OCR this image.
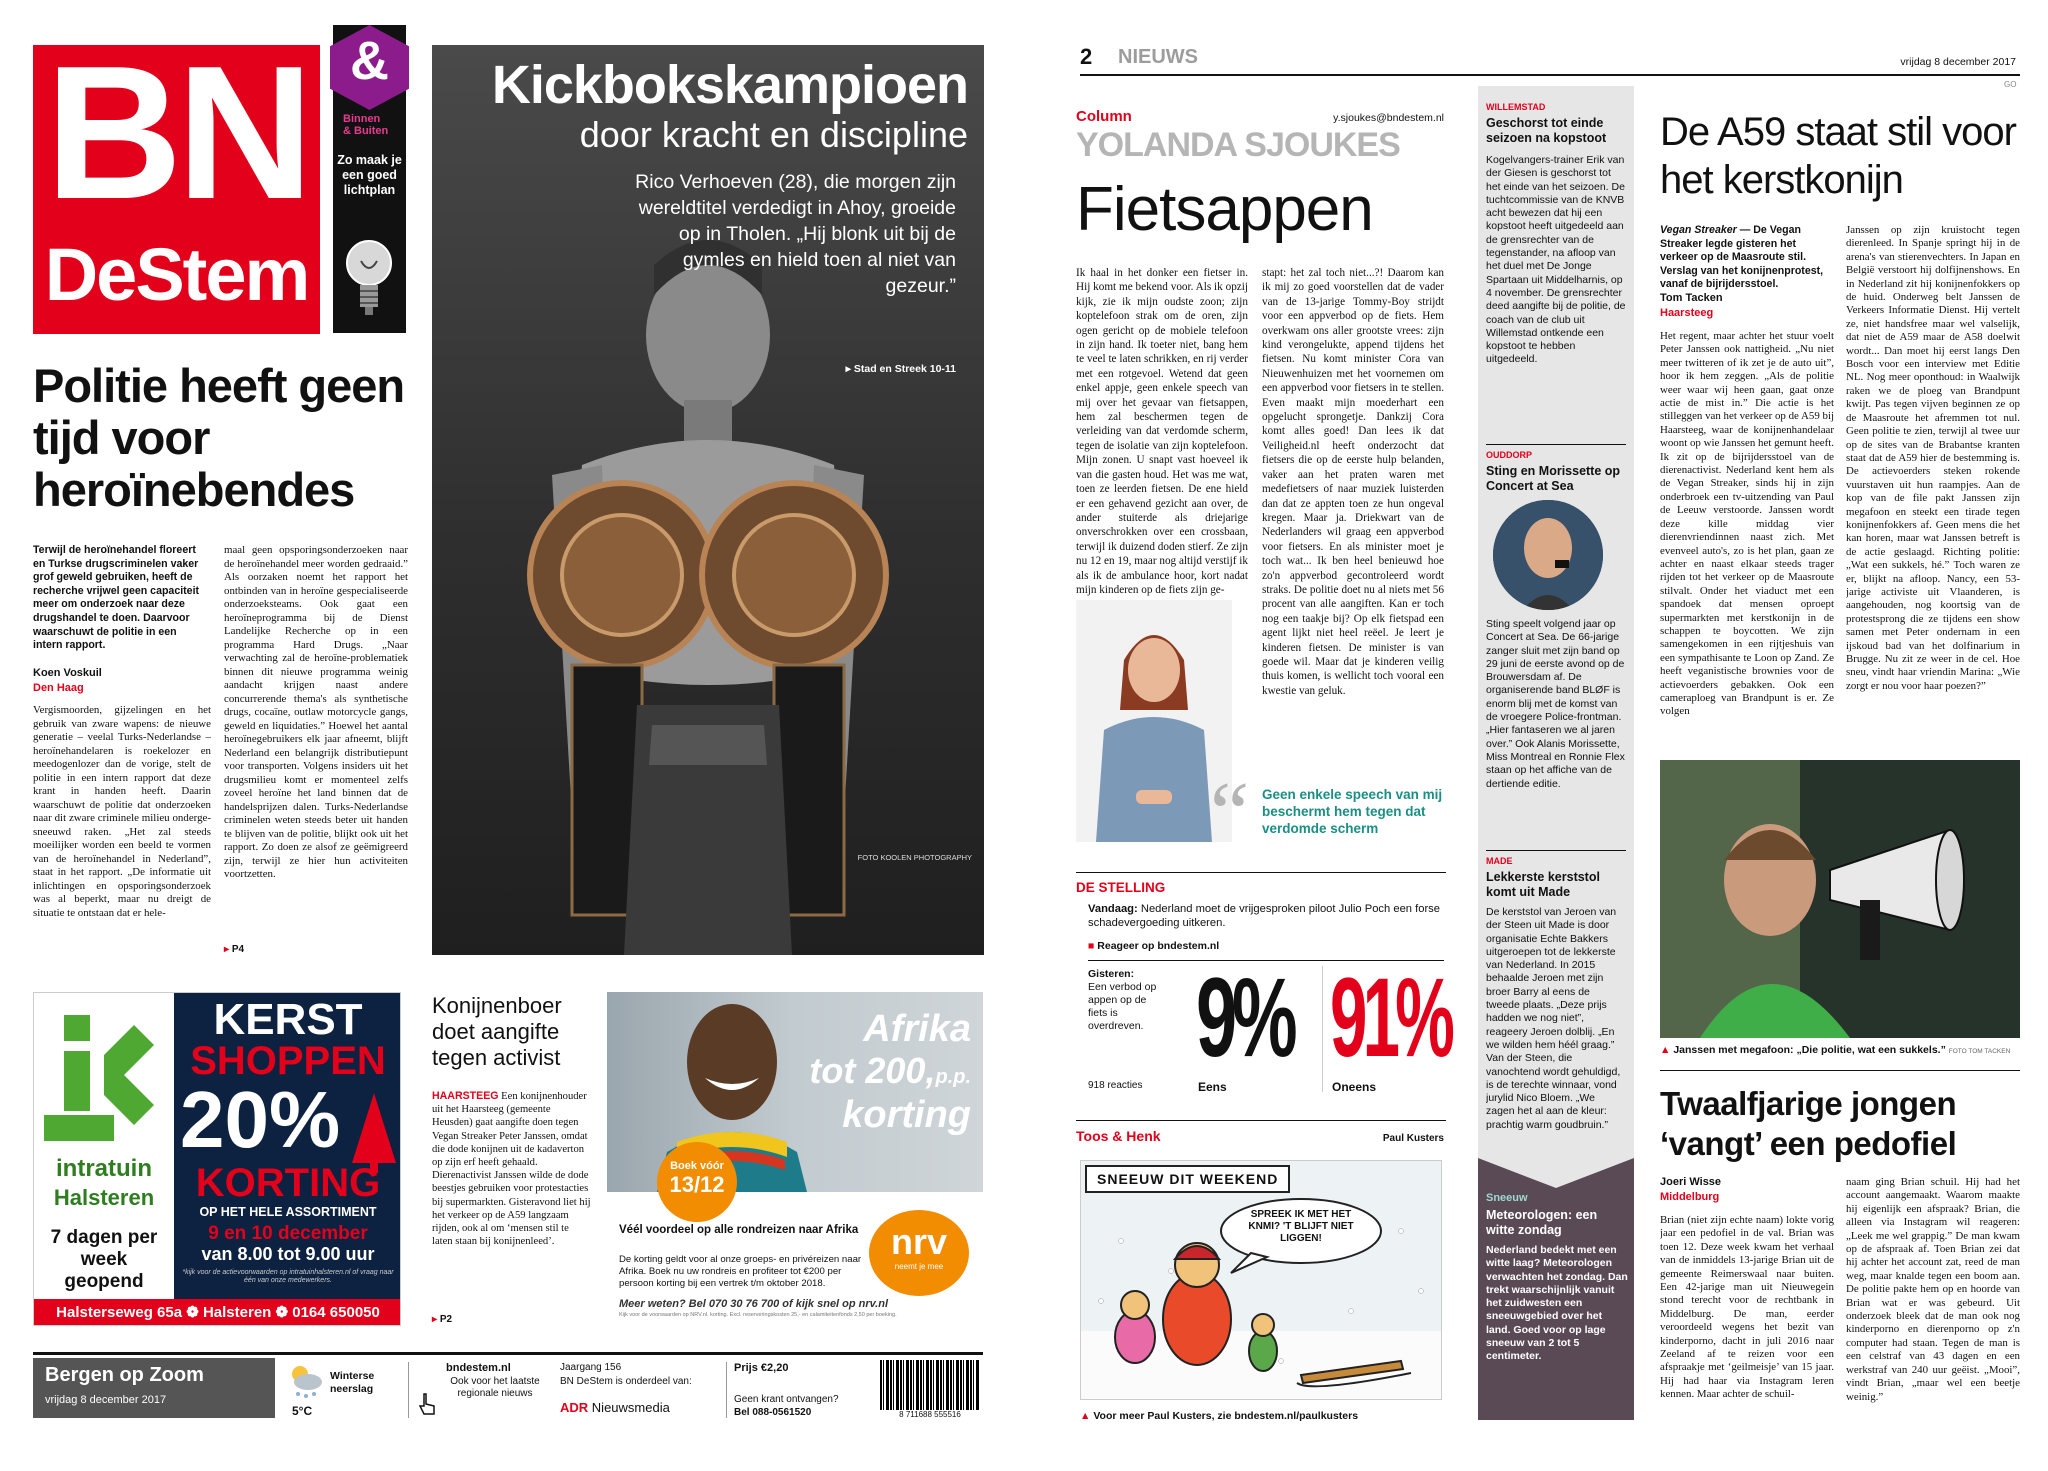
BN
DeStem
&
Binnen
& Buiten
Zo maak je een goed lichtplan
Kickbokskampioen
door kracht en discipline
Rico Verhoeven (28), die morgen zijn wereldtitel verdedigt in Ahoy, groeide op in Tholen. „Hij blonk uit bij de gymles en hield toen al niet van gezeur.”
▸ Stad en Streek 10-11
FOTO KOOLEN PHOTOGRAPHY
Politie heeft geen tijd voor heroïnebendes
Terwijl de heroïnehandel floreert en Turkse drugscriminelen vaker grof geweld gebruiken, heeft de recherche vrijwel geen capaciteit meer om onderzoek naar deze drugshandel te doen. Daarvoor waarschuwt de politie in een intern rapport.
Koen Voskuil
Den Haag
Vergismoorden, gijzelingen en het gebruik van zware wapens: de nieuwe generatie – veelal Turks-Nederlandse – heroïnehandelaren is roekelozer en meedogenlozer dan de vorige, stelt de politie in een intern rapport dat deze krant in handen heeft. Daarin waarschuwt de politie dat onderzoeken naar dit zware criminele milieu onderge-sneeuwd raken. „Het zal steeds moeilijker worden een beeld te vormen van de heroïnehandel in Nederland”, staat in het rapport. „De informatie uit inlichtingen en opsporingsonderzoek was al beperkt, maar nu dreigt de situatie te ontstaan dat er hele-
maal geen opsporingsonderzoeken naar de heroïnehandel meer worden gedraaid.” Als oorzaken noemt het rapport het ontbinden van in heroïne gespecialiseerde onderzoeksteams. Ook gaat een heroïneprogramma bij de Dienst Landelijke Recherche op in een programma Hard Drugs. „Naar verwachting zal de heroïne-problematiek binnen dit nieuwe programma weinig aandacht krijgen naast andere concurrerende thema's als synthetische drugs, cocaïne, outlaw motorcycle gangs, geweld en liquidaties.” Hoewel het aantal heroïnegebruikers elk jaar afneemt, blijft Nederland een belangrijk distributiepunt voor transporten. Volgens insiders uit het drugsmilieu komt er momenteel zelfs zoveel heroïne het land binnen dat de handelsprijzen dalen. Turks-Nederlandse criminelen weten steeds beter uit handen te blijven van de politie, blijkt ook uit het rapport. Zo doen ze alsof ze geëmigreerd zijn, terwijl ze hier hun activiteiten voortzetten.
▸ P4
intratuin
Halsteren
7 dagen per week geopend
KERST
SHOPPEN
20%
KORTING
OP HET HELE ASSORTIMENT
9 en 10 december
van 8.00 tot 9.00 uur
*kijk voor de actievoorwaarden op intratuinhalsteren.nl of vraag naar één van onze medewerkers.
Halsterseweg 65a ❁ Halsteren ❁ 0164 650050
Konijnenboer doet aangifte tegen activist
HAARSTEEG Een konijnenhouder uit het Haarsteeg (gemeente Heusden) gaat aangifte doen tegen Vegan Streaker Peter Janssen, omdat die dode konijnen uit de kadaverton op zijn erf heeft gehaald. Dierenactivist Janssen wilde de dode beestjes gebruiken voor protestacties bij supermarkten. Gisteravond liet hij het verkeer op de A59 langzaam rijden, ook al om ‘mensen stil te laten staan bij konijnenleed’.
▸ P2
Afrika
tot 200,p.p.
korting
Boek vóór
13/12
Véél voordeel op alle rondreizen naar Afrika
De korting geldt voor al onze groeps- en privéreizen naar Afrika. Boek nu uw rondreis en profiteer tot €200 per persoon korting bij een vertrek t/m oktober 2018.
Meer weten? Bel 070 30 76 700 of kijk snel op nrv.nl
Kijk voor de voorwaarden op NRV.nl. korting. Excl. reserveringskosten 25,- en calamiteitenfonds 2,50 per boeking.
nrv
neemt je mee
Bergen op Zoom
vrijdag 8 december 2017
Winterse neerslag
5°C
bndestem.nl
Ook voor het laatste regionale nieuws
Jaargang 156
BN DeStem is onderdeel van:
ADR Nieuwsmedia
Prijs €2,20
Geen krant ontvangen?
Bel 088-0561520	8 711688 555516
2 NIEUWS	vrijdag 8 december 2017
GO
Column	y.sjoukes@bndestem.nl
YOLANDA SJOUKES
Fietsappen
Ik haal in het donker een fietser in. Hij komt me bekend voor. Als ik opzij kijk, zie ik mijn oudste zoon; zijn koptelefoon strak om de oren, zijn ogen gericht op de mobiele telefoon in zijn hand. Ik toeter niet, bang hem te veel te laten schrikken, en rij verder met een rotgevoel. Wetend dat geen enkel appje, geen enkele speech van mij over het gevaar van fietsappen, hem zal beschermen tegen de verleiding van dat verdomde scherm, tegen de isolatie van zijn koptelefoon. Mijn zonen. U snapt vast hoeveel ik van die gasten houd. Het was me wat, toen ze leerden fietsen. De ene hield er een gehavend gezicht aan over, de ander stuiterde als driejarige onverschrokken over een crossbaan, terwijl ik duizend doden stierf. Ze zijn nu 12 en 19, maar nog altijd verstijf ik als ik de ambulance hoor, kort nadat mijn kinderen op de fiets zijn ge-
stapt: het zal toch niet...?! Daarom kan ik mij zo goed voorstellen dat de vader van de 13-jarige Tommy-Boy strijdt voor een appverbod op de fiets. Hem overkwam ons aller grootste vrees: zijn kind verongelukte, append tijdens het fietsen. Nu komt minister Cora van Nieuwenhuizen met het voornemen om een appverbod voor fietsers in te stellen. Even maakt mijn moederhart een opgelucht sprongetje. Dankzij Cora komt alles goed! Dan lees ik dat Veiligheid.nl heeft onderzocht dat fietsers die op de eerste hulp belanden, vaker aan het praten waren met medefietsers of naar muziek luisterden dan dat ze appten toen ze hun ongeval kregen. Maar ja. Driekwart van de Nederlanders wil graag een appverbod voor fietsers. En als minister moet je toch wat... Ik ben heel benieuwd hoe zo'n appverbod gecontroleerd wordt straks. De politie doet nu al niets met 56 procent van alle aangiften. Kan er toch nog een taakje bij? Op elk fietspad een agent lijkt niet heel reëel. Je leert je kinderen fietsen. De minister is van goede wil. Maar dat je kinderen veilig thuis komen, is wellicht toch vooral een kwestie van geluk.
“ Geen enkele speech van mij beschermt hem tegen dat verdomde scherm
DE STELLING
Vandaag: Nederland moet de vrijgesproken piloot Julio Poch een forse schadevergoeding uitkeren.
■ Reageer op bndestem.nl
Gisteren:
Een verbod op appen op de fiets is overdreven.
918 reacties
9%
Eens
91%
Oneens
Toos & Henk	Paul Kusters
SNEEUW DIT WEEKEND
SPREEK IK MET HET KNMI? 'T BLIJFT NIET LIGGEN!
▲ Voor meer Paul Kusters, zie bndestem.nl/paulkusters
WILLEMSTAD
Geschorst tot einde seizoen na kopstoot
Kogelvangers-trainer Erik van der Giesen is geschorst tot het einde van het seizoen. De tuchtcommissie van de KNVB acht bewezen dat hij een kopstoot heeft uitgedeeld aan de grensrechter van de tegenstander, na afloop van het duel met De Jonge Spartaan uit Middelharnis, op 4 november. De grensrechter deed aangifte bij de politie, de coach van de club uit Willemstad ontkende een kopstoot te hebben uitgedeeld.
OUDDORP
Sting en Morissette op Concert at Sea
Sting speelt volgend jaar op Concert at Sea. De 66-jarige zanger sluit met zijn band op 29 juni de eerste avond op de Brouwersdam af. De organiserende band BLØF is enorm blij met de komst van de vroegere Police-frontman. „Hier fantaseren we al jaren over.” Ook Alanis Morissette, Miss Montreal en Ronnie Flex staan op het affiche van de dertiende editie.
MADE
Lekkerste kerststol komt uit Made
De kerststol van Jeroen van der Steen uit Made is door organisatie Echte Bakkers uitgeroepen tot de lekkerste van Nederland. In 2015 behaalde Jeroen met zijn broer Barry al eens de tweede plaats. „Deze prijs hadden we nog niet”, reageery Jeroen dolblij. „En we wilden hem héél graag.” Van der Steen, die vanochtend wordt gehuldigd, is de terechte winnaar, vond jurylid Nico Bloem. „We zagen het al aan de kleur: prachtig warm goudbruin.”
Sneeuw
Meteorologen: een witte zondag
Nederland bedekt met een witte laag? Meteorologen verwachten het zondag. Dan trekt waarschijnlijk vanuit het zuidwesten een sneeuwgebied over het land. Goed voor op lage sneeuw van 2 tot 5 centimeter.
De A59 staat stil voor het kerstkonijn
Vegan Streaker — De Vegan Streaker legde gisteren het verkeer op de Maasroute stil. Verslag van het konijnenprotest, vanaf de bijrijdersstoel.
Tom Tacken
Haarsteeg
Het regent, maar achter het stuur voelt Peter Janssen ook nattigheid. „Nu niet meer twitteren of ik zet je de auto uit”, hoor ik hem zeggen. „Als de politie weer waar wij heen gaan, gaat onze actie de mist in.” Die actie is het stilleggen van het verkeer op de A59 bij Haarsteeg, waar de konijnenhandelaar woont op wie Janssen het gemunt heeft. Ik zit op de bijrijdersstoel van de dierenactivist. Nederland kent hem als de Vegan Streaker, sinds hij in zijn onderbroek een tv-uitzending van Paul de Leeuw verstoorde. Janssen wordt deze kille middag vier dierenvriendinnen naast zich. Met evenveel auto's, zo is het plan, gaan ze achter en naast elkaar steeds trager rijden tot het verkeer op de Maasroute stilvalt. Onder het viaduct met een spandoek dat mensen oproept supermarkten met kerstkonijn in de schappen te boycotten. We zijn samengekomen in een rijtjeshuis van een sympathisante te Loon op Zand. Ze heeft veganistische brownies voor de actievoerders gebakken. Ook een cameraploeg van Brandpunt is er. Ze volgen
Janssen op zijn kruistocht tegen dierenleed. In Spanje springt hij in de arena's van stierenvechters. In Japan en België verstoort hij dolfijnenshows. En in Nederland zit hij konijnenfokkers op de huid. Onderweg belt Janssen de Verkeers Informatie Dienst. Hij vertelt ze, niet handsfree maar wel valselijk, dat niet de A59 maar de A58 doelwit wordt... Dan moet hij eerst langs Den Bosch voor een interview met Editie NL. Nog meer oponthoud: in Waalwijk raken we de ploeg van Brandpunt kwijt. Pas tegen vijven beginnen ze op de Maasroute het afremmen tot nul. Geen politie te zien, terwijl al twee uur op de sites van de Brabantse kranten staat dat de A59 hier de bestemming is. De actievoerders steken rokende vuurstaven uit hun raampjes. Aan de kop van de file pakt Janssen zijn megafoon en steekt een tirade tegen konijnenfokkers af. Geen mens die het kan horen, maar wat Janssen betreft is de actie geslaagd. Richting politie: „Wat een sukkels, hé.” Toch waren ze er, blijkt na afloop. Nancy, een 53-jarige activiste uit Vlaanderen, is aangehouden, nog koortsig van de protestsprong die ze tijdens een show samen met Peter ondernam in een ijskoud bad van het dolfinarium in Brugge. Nu zit ze weer in de cel. Hoe sneu, vindt haar vriendin Marina: „Wie zorgt er nou voor haar poezen?”
▲ Janssen met megafoon: „Die politie, wat een sukkels.” FOTO TOM TACKEN
Twaalfjarige jongen ‘vangt’ een pedofiel
Joeri Wisse
Middelburg
Brian (niet zijn echte naam) lokte vorig jaar een pedofiel in de val. Brian was toen 12. Deze week kwam het verhaal van de inmiddels 13-jarige Brian uit de gemeente Reimerswaal naar buiten. Een 42-jarige man uit Nieuwegein stond terecht voor de rechtbank in Middelburg. De man, eerder veroordeeld wegens het bezit van kinderporno, dacht in juli 2016 naar Zeeland af te reizen voor een afspraakje met ‘geilmeisje’ van 15 jaar. Hij had haar via Instagram leren kennen. Maar achter de schuil-
naam ging Brian schuil. Hij had het account aangemaakt. Waarom maakte hij eigenlijk een afspraak? Brian, die alleen via Instagram wil reageren: „Leek me wel grappig.” De man kwam op de afspraak af. Toen Brian zei dat hij achter het account zat, reed de man weg, maar knalde tegen een boom aan. De politie pakte hem op en hoorde van Brian wat er was gebeurd. Uit onderzoek bleek dat de man ook nog kinderporno en dierenporno op z'n computer had staan. Tegen de man is een celstraf van 43 dagen en een werkstraf van 240 uur geëist. „Mooi”, vindt Brian, „maar wel een beetje weinig.”
